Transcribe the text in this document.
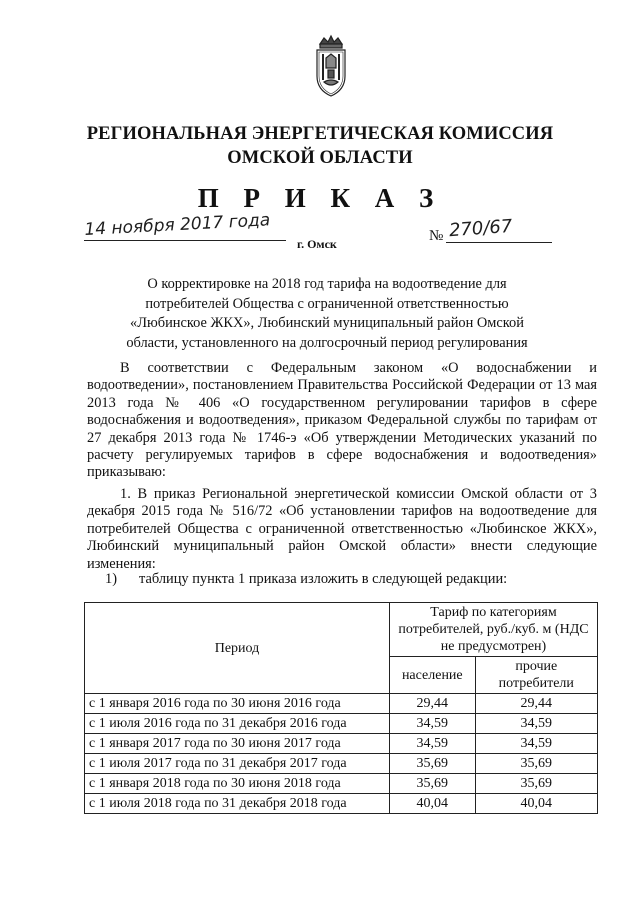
РЕГИОНАЛЬНАЯ ЭНЕРГЕТИЧЕСКАЯ КОМИССИЯ
ОМСКОЙ ОБЛАСТИ
П Р И К А З
14 ноября 2017 года
г. Омск	№ 270/67
О корректировке на 2018 год тарифа на водоотведение для потребителей Общества с ограниченной ответственностью «Любинское ЖКХ», Любинский муниципальный район Омской области, установленного на долгосрочный период регулирования
В соответствии с Федеральным законом «О водоснабжении и водоотведении», постановлением Правительства Российской Федерации от 13 мая 2013 года № 406 «О государственном регулировании тарифов в сфере водоснабжения и водоотведения», приказом Федеральной службы по тарифам от 27 декабря 2013 года № 1746-э «Об утверждении Методических указаний по расчету регулируемых тарифов в сфере водоснабжения и водоотведения» приказываю:
1. В приказ Региональной энергетической комиссии Омской области от 3 декабря 2015 года № 516/72 «Об установлении тарифов на водоотведение для потребителей Общества с ограниченной ответственностью «Любинское ЖКХ», Любинский муниципальный район Омской области» внести следующие изменения:
1) таблицу пункта 1 приказа изложить в следующей редакции:
Период	Тариф по категориям потребителей, руб./куб. м (НДС не предусмотрен)	
	население	прочие потребители
с 1 января 2016 года по 30 июня 2016 года	29,44	29,44
с 1 июля 2016 года по 31 декабря 2016 года	34,59	34,59
с 1 января 2017 года по 30 июня 2017 года	34,59	34,59
с 1 июля 2017 года по 31 декабря 2017 года	35,69	35,69
с 1 января 2018 года по 30 июня 2018 года	35,69	35,69
с 1 июля 2018 года по 31 декабря 2018 года	40,04	40,04
